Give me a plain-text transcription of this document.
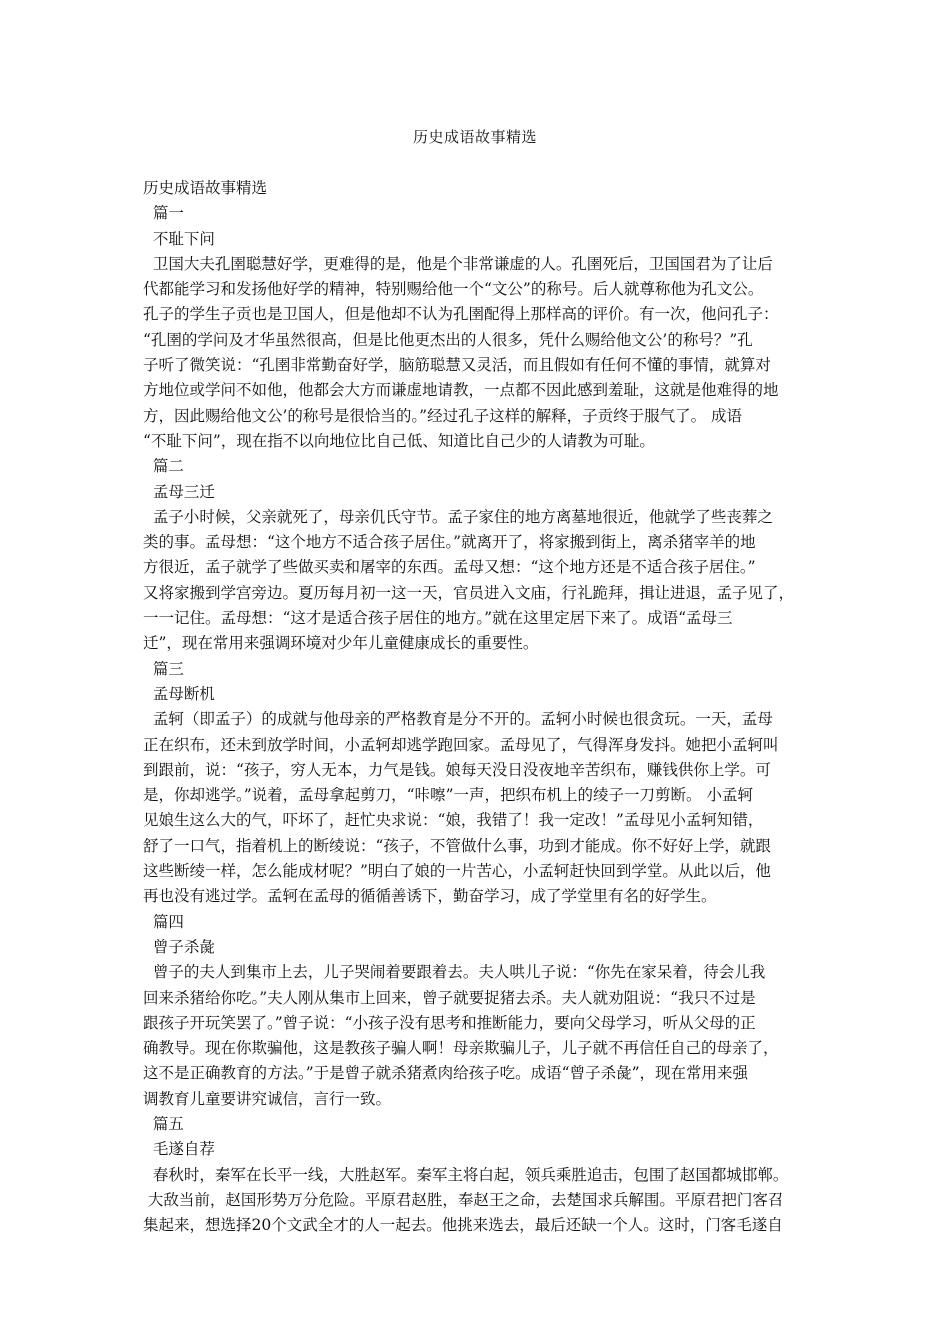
历史成语故事精选
历史成语故事精选
篇一
不耻下问
卫国大夫孔圉聪慧好学，更难得的是，他是个非常谦虚的人。孔圉死后，卫国国君为了让后
代都能学习和发扬他好学的精神，特别赐给他一个“文公”的称号。后人就尊称他为孔文公。
孔子的学生子贡也是卫国人，但是他却不认为孔圉配得上那样高的评价。有一次，他问孔子：
“孔圉的学问及才华虽然很高，但是比他更杰出的人很多，凭什么赐给他文公’的称号？”孔
子听了微笑说：“孔圉非常勤奋好学，脑筋聪慧又灵活，而且假如有任何不懂的事情，就算对
方地位或学问不如他，他都会大方而谦虚地请教，一点都不因此感到羞耻，这就是他难得的地
方，因此赐给他文公’的称号是很恰当的。”经过孔子这样的解释，子贡终于服气了。 成语
“不耻下问”，现在指不以向地位比自己低、知道比自己少的人请教为可耻。
篇二
孟母三迁
孟子小时候，父亲就死了，母亲仉氏守节。孟子家住的地方离墓地很近，他就学了些丧葬之
类的事。孟母想：“这个地方不适合孩子居住。”就离开了，将家搬到街上，离杀猪宰羊的地
方很近，孟子就学了些做买卖和屠宰的东西。孟母又想：“这个地方还是不适合孩子居住。”
又将家搬到学宫旁边。夏历每月初一这一天，官员进入文庙，行礼跪拜，揖让进退，孟子见了，
一一记住。孟母想：“这才是适合孩子居住的地方。”就在这里定居下来了。成语“孟母三
迁”，现在常用来强调环境对少年儿童健康成长的重要性。
篇三
孟母断机
孟轲（即孟子）的成就与他母亲的严格教育是分不开的。孟轲小时候也很贪玩。一天，孟母
正在织布，还未到放学时间，小孟轲却逃学跑回家。孟母见了，气得浑身发抖。她把小孟轲叫
到跟前，说：“孩子，穷人无本，力气是钱。娘每天没日没夜地辛苦织布，赚钱供你上学。可
是，你却逃学。”说着，孟母拿起剪刀，“咔嚓”一声，把织布机上的绫子一刀剪断。 小孟轲
见娘生这么大的气，吓坏了，赶忙央求说：“娘，我错了！我一定改！”孟母见小孟轲知错，
舒了一口气，指着机上的断绫说：“孩子，不管做什么事，功到才能成。你不好好上学，就跟
这些断绫一样，怎么能成材呢？”明白了娘的一片苦心，小孟轲赶快回到学堂。从此以后，他
再也没有逃过学。孟轲在孟母的循循善诱下，勤奋学习，成了学堂里有名的好学生。
篇四
曾子杀彘
曾子的夫人到集市上去，儿子哭闹着要跟着去。夫人哄儿子说：“你先在家呆着，待会儿我
回来杀猪给你吃。”夫人刚从集市上回来，曾子就要捉猪去杀。夫人就劝阻说：“我只不过是
跟孩子开玩笑罢了。”曾子说：“小孩子没有思考和推断能力，要向父母学习，听从父母的正
确教导。现在你欺骗他，这是教孩子骗人啊！母亲欺骗儿子，儿子就不再信任自己的母亲了，
这不是正确教育的方法。”于是曾子就杀猪煮肉给孩子吃。成语“曾子杀彘”，现在常用来强
调教育儿童要讲究诚信，言行一致。
篇五
毛遂自荐
春秋时，秦军在长平一线，大胜赵军。秦军主将白起，领兵乘胜追击，包围了赵国都城邯郸。
大敌当前，赵国形势万分危险。平原君赵胜，奉赵王之命，去楚国求兵解围。平原君把门客召
集起来，想选择20个文武全才的人一起去。他挑来选去，最后还缺一个人。这时，门客毛遂自
